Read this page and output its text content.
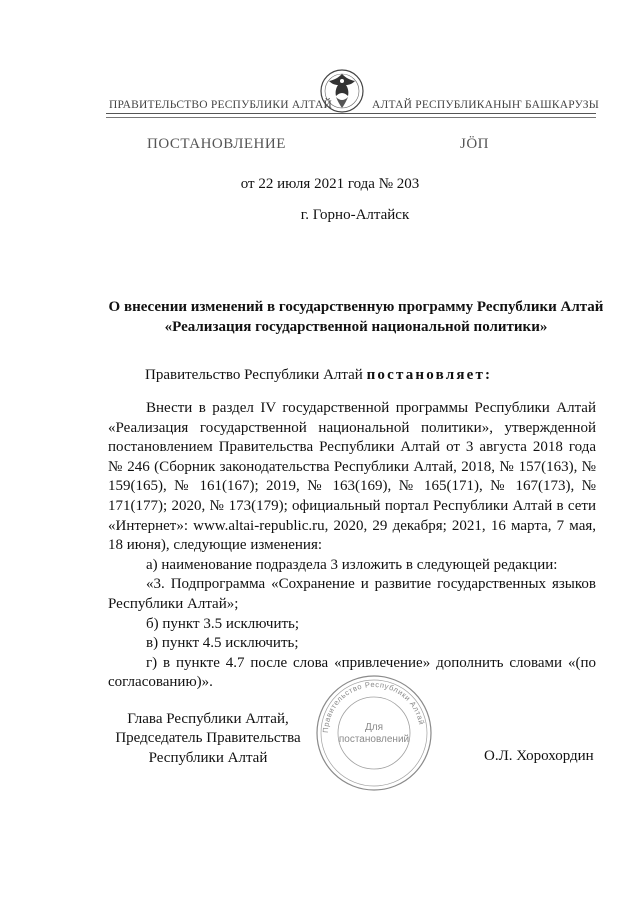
ПРАВИТЕЛЬСТВО РЕСПУБЛИКИ АЛТАЙ	АЛТАЙ РЕСПУБЛИКАНЫҤ БАШКАРУЗЫ
ПОСТАНОВЛЕНИЕ	ЈӦП
от 22 июля 2021 года № 203
г. Горно-Алтайск
О внесении изменений в государственную программу Республики Алтай «Реализация государственной национальной политики»
Правительство Республики Алтай постановляет:

Внести в раздел IV государственной программы Республики Алтай «Реализация государственной национальной политики», утвержденной постановлением Правительства Республики Алтай от 3 августа 2018 года № 246 (Сборник законодательства Республики Алтай, 2018, № 157(163), № 159(165), № 161(167); 2019, № 163(169), № 165(171), № 167(173), № 171(177); 2020, № 173(179); официальный портал Республики Алтай в сети «Интернет»: www.altai-republic.ru, 2020, 29 декабря; 2021, 16 марта, 7 мая, 18 июня), следующие изменения:

а) наименование подраздела 3 изложить в следующей редакции:

«3. Подпрограмма «Сохранение и развитие государственных языков Республики Алтай»;

б) пункт 3.5 исключить;

в) пункт 4.5 исключить;

г) в пункте 4.7 после слова «привлечение» дополнить словами «(по согласованию)».

Правительство Республики Алтай
Для
постановлений
Глава Республики Алтай,
Председатель Правительства
Республики Алтай	О.Л. Хорохордин
